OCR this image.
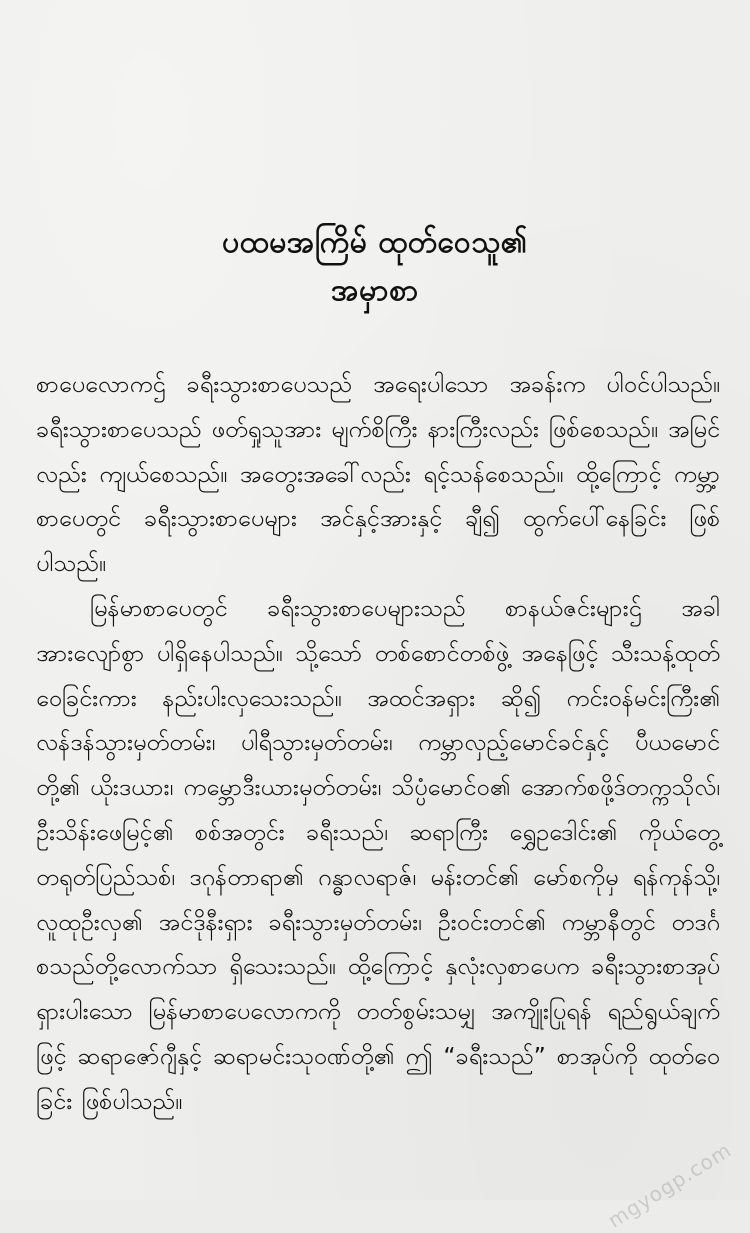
ပထမအကြိမ် ထုတ်ဝေသူ၏
အမှာစာ

စာပေလောကဌ် ခရီးသွားစာပေသည် အရေးပါသော အခန်းက ပါဝင်ပါသည်။ ခရီးသွားစာပေသည် ဖတ်ရှုသူအား မျက်စိကြီး နားကြီးလည်း ဖြစ်စေသည်။ အမြင်လည်း ကျယ်စေသည်။ အတွေးအခေါ်လည်း ရင့်သန်စေသည်။ ထို့ကြောင့် ကမ္ဘာ့စာပေတွင် ခရီးသွားစာပေများ အင်နှင့်အားနှင့် ချီ၍ ထွက်ပေါ်နေခြင်း ဖြစ်ပါသည်။

မြန်မာစာပေတွင် ခရီးသွားစာပေများသည် စာနယ်ဇင်းများဌ် အခါအားလျော်စွာ ပါရှိနေပါသည်။ သို့သော် တစ်စောင်တစ်ဖွဲ့ အနေဖြင့် သီးသန့်ထုတ်ဝေခြင်းကား နည်းပါးလှသေးသည်။ အထင်အရှား ဆို၍ ကင်းဝန်မင်းကြီး၏ လန်ဒန်သွားမှတ်တမ်း၊ ပါရီသွားမှတ်တမ်း၊ ကမ္ဘာလှည့်မောင်ခင်နှင့် ပီယမောင် တို့၏ ယိုးဒယား၊ ကမ္ဘောဒီးယားမှတ်တမ်း၊ သိပ္ပံမောင်ဝ၏ အောက်စဖို့ဒ်တက္ကသိုလ်၊ ဦးသိန်းဖေမြင့်၏ စစ်အတွင်း ခရီးသည်၊ ဆရာကြီး ရွှေဥဒေါင်း၏ ကိုယ်တွေ့ တရုတ်ပြည်သစ်၊ ဒဂုန်တာရာ၏ ဂန္ဓာလရာဇ်၊ မန်းတင်၏ မော်စကိုမှ ရန်ကုန်သို့၊ လူထုဦးလှ၏ အင်ဒိုနီးရှား ခရီးသွားမှတ်တမ်း၊ ဦးဝင်းတင်၏ ကမ္ဘာနီတွင် တဒင်္ဂ စသည်တို့လောက်သာ ရှိသေးသည်။ ထို့ကြောင့် နှလုံးလှစာပေက ခရီးသွားစာအုပ်ရှားပါးသော မြန်မာစာပေလောကကို တတ်စွမ်းသမျှ အကျိုးပြုရန် ရည်ရွယ်ချက်ဖြင့် ဆရာဇော်ဂျီနှင့် ဆရာမင်းသုဝဏ်တို့၏ ဤ “ခရီးသည်” စာအုပ်ကို ထုတ်ဝေခြင်း ဖြစ်ပါသည်။

mgyogp.com
